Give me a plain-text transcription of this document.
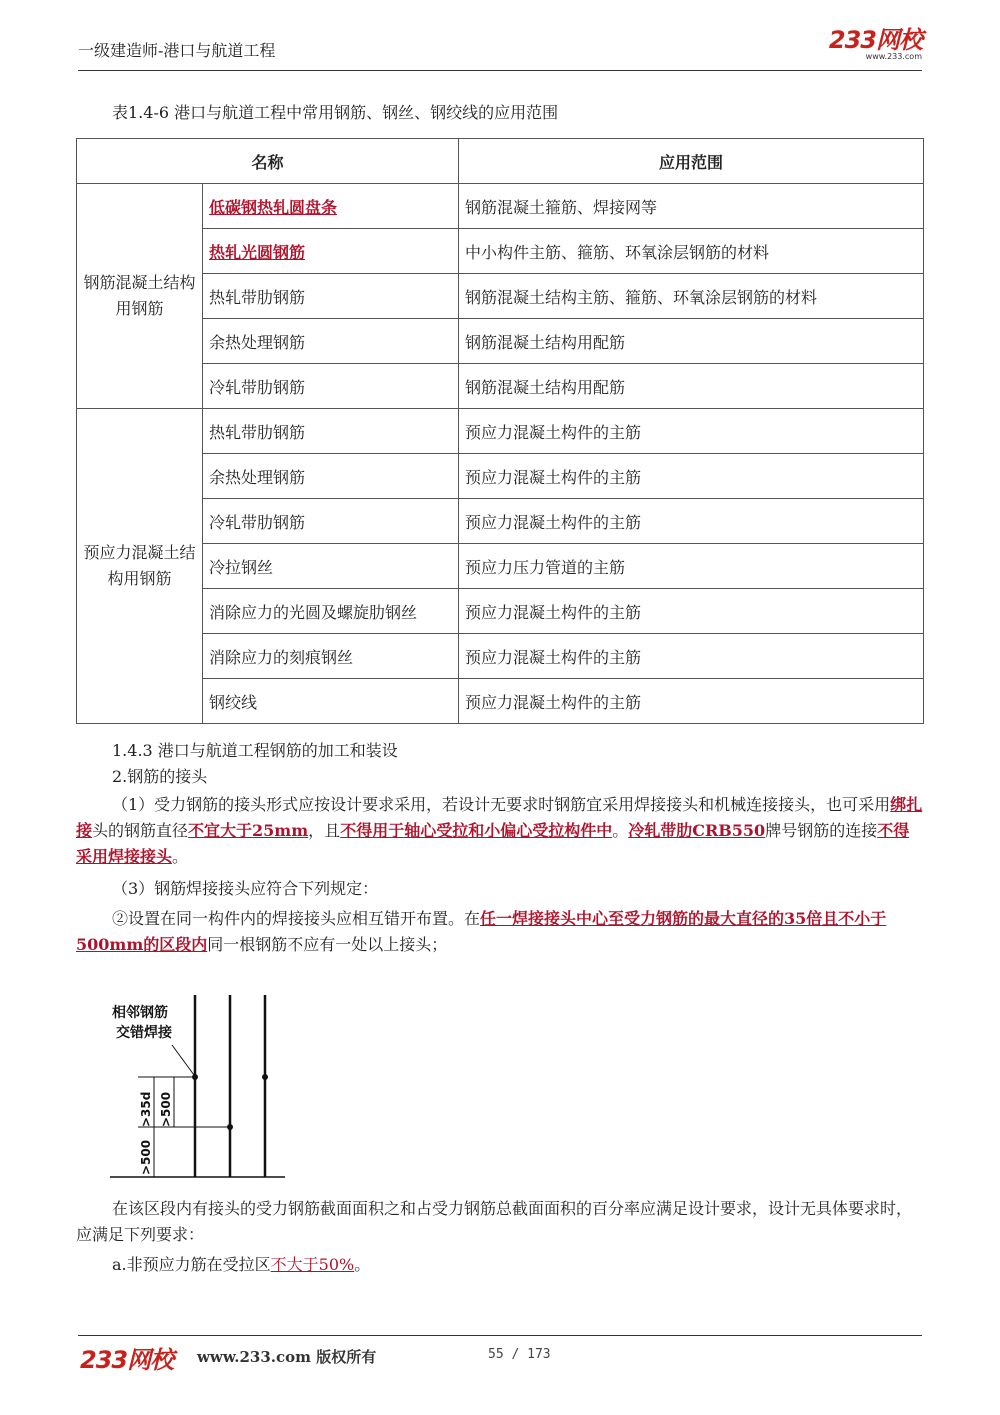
一级建造师-港口与航道工程	233网校
www.233.com
表1.4-6 港口与航道工程中常用钢筋、钢丝、钢绞线的应用范围
名称		应用范围

钢筋混凝土结构用钢筋	低碳钢热轧圆盘条	钢筋混凝土箍筋、焊接网等
	热轧光圆钢筋	中小构件主筋、箍筋、环氧涂层钢筋的材料
	热轧带肋钢筋	钢筋混凝土结构主筋、箍筋、环氧涂层钢筋的材料
	余热处理钢筋	钢筋混凝土结构用配筋
	冷轧带肋钢筋	钢筋混凝土结构用配筋

预应力混凝土结构用钢筋	热轧带肋钢筋	预应力混凝土构件的主筋
	余热处理钢筋	预应力混凝土构件的主筋
	冷轧带肋钢筋	预应力混凝土构件的主筋
	冷拉钢丝	预应力压力管道的主筋
	消除应力的光圆及螺旋肋钢丝	预应力混凝土构件的主筋
	消除应力的刻痕钢丝	预应力混凝土构件的主筋
	钢绞线	预应力混凝土构件的主筋
1.4.3 港口与航道工程钢筋的加工和装设
2.钢筋的接头
（1）受力钢筋的接头形式应按设计要求采用，若设计无要求时钢筋宜采用焊接接头和机械连接接头，也可采用绑扎接头的钢筋直径不宜大于25mm，且不得用于轴心受拉和小偏心受拉构件中。冷轧带肋CRB550牌号钢筋的连接不得采用焊接接头。
（3）钢筋焊接接头应符合下列规定：
②设置在同一构件内的焊接接头应相互错开布置。在任一焊接接头中心至受力钢筋的最大直径的35倍且不小于500mm的区段内同一根钢筋不应有一处以上接头；
相邻钢筋
交错焊接
>35d >500
>500
在该区段内有接头的受力钢筋截面面积之和占受力钢筋总截面面积的百分率应满足设计要求，设计无具体要求时，应满足下列要求：
a.非预应力筋在受拉区不大于50%。
233网校 www.233.com 版权所有	55 / 173
